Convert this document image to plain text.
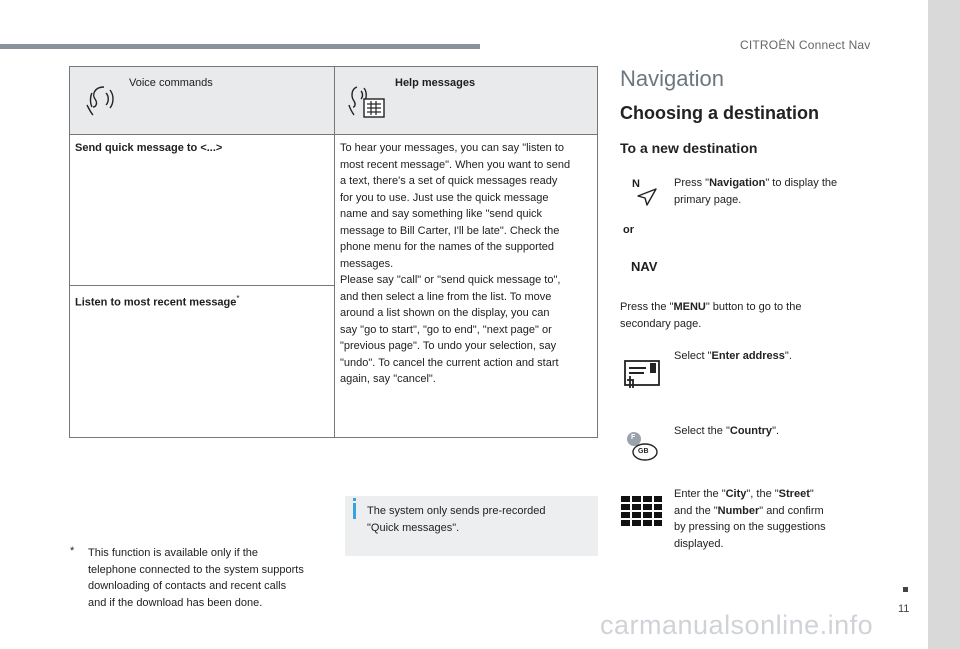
CITROËN Connect Nav
Voice commands	Help messages
Send quick message to <...>
Listen to most recent message*
To hear your messages, you can say "listen to
most recent message". When you want to send
a text, there's a set of quick messages ready
for you to use. Just use the quick message
name and say something like "send quick
message to Bill Carter, I'll be late". Check the
phone menu for the names of the supported
messages.
Please say "call" or "send quick message to",
and then select a line from the list. To move
around a list shown on the display, you can
say "go to start", "go to end", "next page" or
"previous page". To undo your selection, say
"undo". To cancel the current action and start
again, say "cancel".
The system only sends pre-recorded
"Quick messages".
* This function is available only if the
telephone connected to the system supports
downloading of contacts and recent calls
and if the download has been done.
Navigation
Choosing a destination
To a new destination
N	Press "Navigation" to display the
primary page.
or
NAV
Press the "MENU" button to go to the
secondary page.
Select "Enter address".
F
GB
Select the "Country".
Enter the "City", the "Street"
and the "Number" and confirm
by pressing on the suggestions
displayed.
11
carmanualsonline.info
